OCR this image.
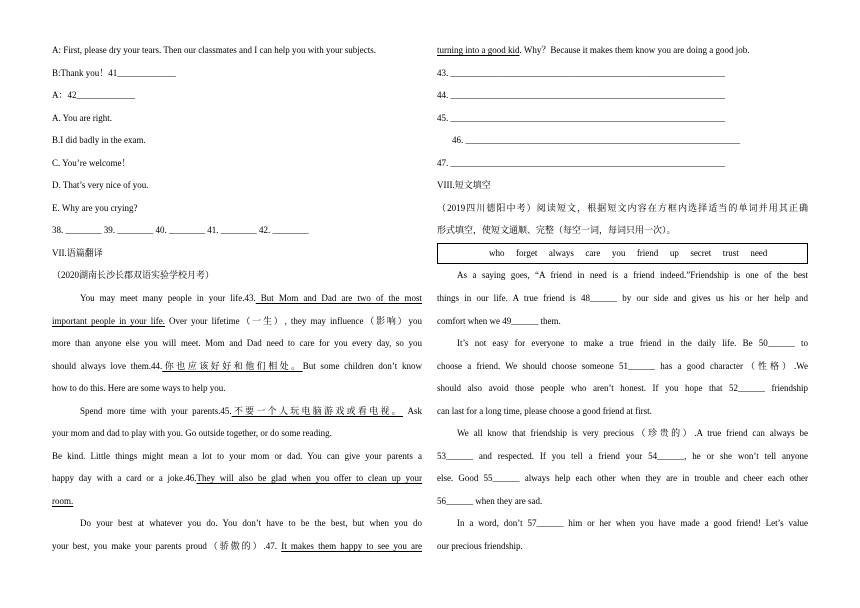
A: First, please dry your tears. Then our classmates and I can help you with your subjects.
B:Thank you！41_____________
A：42_____________
A. You are right.
B.I did badly in the exam.
C. You’re welcome！
D. That’s very nice of you.
E. Why are you crying?
38. ________ 39. ________ 40. ________ 41. ________ 42. ________
VII.语篇翻译
（2020湖南长沙长郡双语实验学校月考）
You may meet many people in your life.43. But Mom and Dad are two of the most
important people in your life. Over your lifetime（一生）, they may influence（影响）you
more than anyone else you will meet. Mom and Dad need to care for you every day, so you
should always love them.44.你也应该好好和他们相处。But some children don’t know
how to do this. Here are some ways to help you.
Spend more time with your parents.45.不要一个人玩电脑游戏或看电视。 Ask
your mom and dad to play with you. Go outside together, or do some reading.
Be kind. Little things might mean a lot to your mom or dad. You can give your parents a
happy day with a card or a joke.46.They will also be glad when you offer to clean up your
room.
Do your best at whatever you do. You don’t have to be the best, but when you do
your best, you make your parents proud（骄傲的）.47. It makes them happy to see you are
turning into a good kid. Why？Because it makes them know you are doing a good job.
43. _____________________________________________________________
44. _____________________________________________________________
45. _____________________________________________________________
46. _____________________________________________________________
47. _____________________________________________________________
VIII.短文填空
（2019四川德阳中考）阅读短文，根据短文内容在方框内选择适当的单词并用其正确
形式填空，使短文通顺、完整（每空一词，每词只用一次）。
who forget always care you friend up secret trust need
As a saying goes, “A friend in need is a friend indeed.”Friendship is one of the best
things in our life. A true friend is 48______ by our side and gives us his or her help and
comfort when we 49______ them.
It’s not easy for everyone to make a true friend in the daily life. Be 50______ to
choose a friend. We should choose someone 51______ has a good character（性格）.We
should also avoid those people who aren’t honest. If you hope that 52______ friendship
can last for a long time, please choose a good friend at first.
We all know that friendship is very precious（珍贵的）.A true friend can always be
53______ and respected. If you tell a friend your 54______, he or she won’t tell anyone
else. Good 55______ always help each other when they are in trouble and cheer each other
56______ when they are sad.
In a word, don’t 57______ him or her when you have made a good friend! Let’s value
our precious friendship.
